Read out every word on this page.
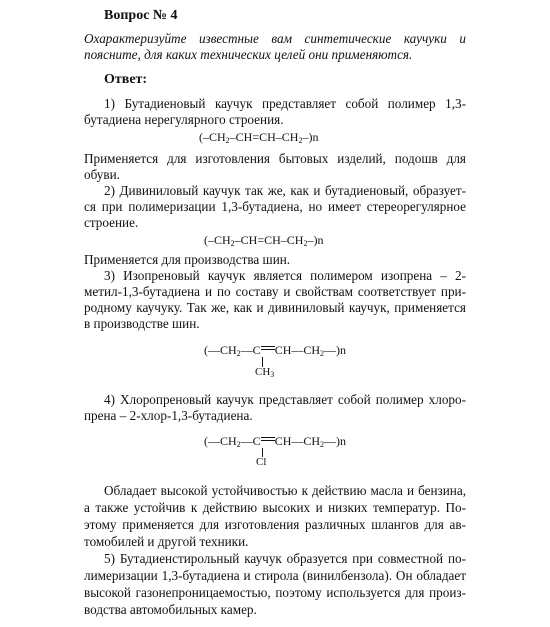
Вопрос № 4
Охарактеризуйте известные вам синтетические каучуки и
поясните, для каких технических целей они применяются.
Ответ:
1) Бутадиеновый каучук представляет собой полимер 1,3-
бутадиена нерегулярного строения.
$(-CH_2-CH=CH-CH_2-)n$
Применяется для изготовления бытовых изделий, подошв для
обуви.
2) Дивиниловый каучук так же, как и бутадиеновый, образует-
ся при полимеризации 1,3-бутадиена, но имеет стереорегулярное
строение.
$(-CH_2-CH=CH-CH_2-)n$
Применяется для производства шин.
3) Изопреновый каучук является полимером изопрена – 2-
метил-1,3-бутадиена и по составу и свойствам соответствует при-
родному каучуку. Так же, как и дивиниловый каучук, применяется
в производстве шин.
($—CH_2—C$ $CH—CH_2—)n$
$CH_3$
4) Хлоропреновый каучук представляет собой полимер хлоро-
прена – 2-хлор-1,3-бутадиена.
($—CH_2—C$ $CH—CH_2—)n$
Cl
Обладает высокой устойчивостью к действию масла и бензина,
а также устойчив к действию высоких и низких температур. По-
этому применяется для изготовления различных шлангов для ав-
томобилей и другой техники.
5) Бутадиенстирольный каучук образуется при совместной по-
лимеризации 1,3-бутадиена и стирола (винилбензола). Он обладает
высокой газонепроницаемостью, поэтому используется для произ-
водства автомобильных камер.
